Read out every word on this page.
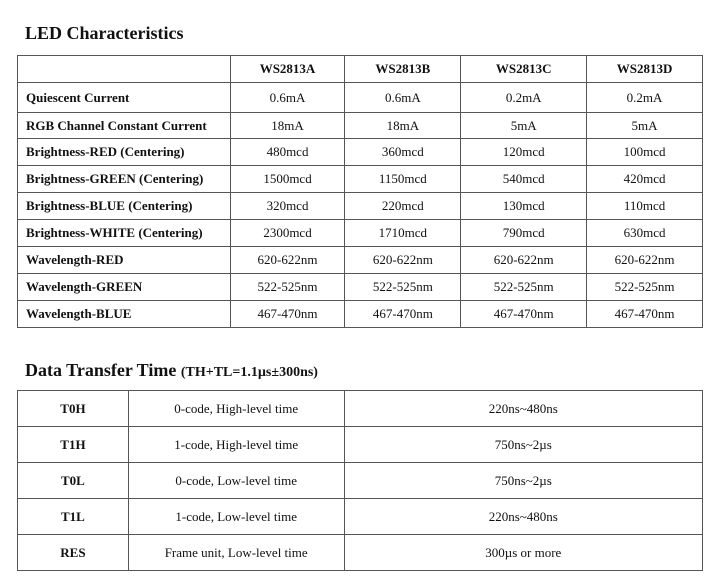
LED Characteristics
	WS2813A	WS2813B	WS2813C	WS2813D
Quiescent Current	0.6mA	0.6mA	0.2mA	0.2mA
RGB Channel Constant Current	18mA	18mA	5mA	5mA
Brightness-RED (Centering)	480mcd	360mcd	120mcd	100mcd
Brightness-GREEN (Centering)	1500mcd	1150mcd	540mcd	420mcd
Brightness-BLUE (Centering)	320mcd	220mcd	130mcd	110mcd
Brightness-WHITE (Centering)	2300mcd	1710mcd	790mcd	630mcd
Wavelength-RED	620-622nm	620-622nm	620-622nm	620-622nm
Wavelength-GREEN	522-525nm	522-525nm	522-525nm	522-525nm
Wavelength-BLUE	467-470nm	467-470nm	467-470nm	467-470nm
Data Transfer Time (TH+TL=1.1µs±300ns)
T0H	0-code, High-level time	220ns~480ns
T1H	1-code, High-level time	750ns~2µs
T0L	0-code, Low-level time	750ns~2µs
T1L	1-code, Low-level time	220ns~480ns
RES	Frame unit, Low-level time	300µs or more
